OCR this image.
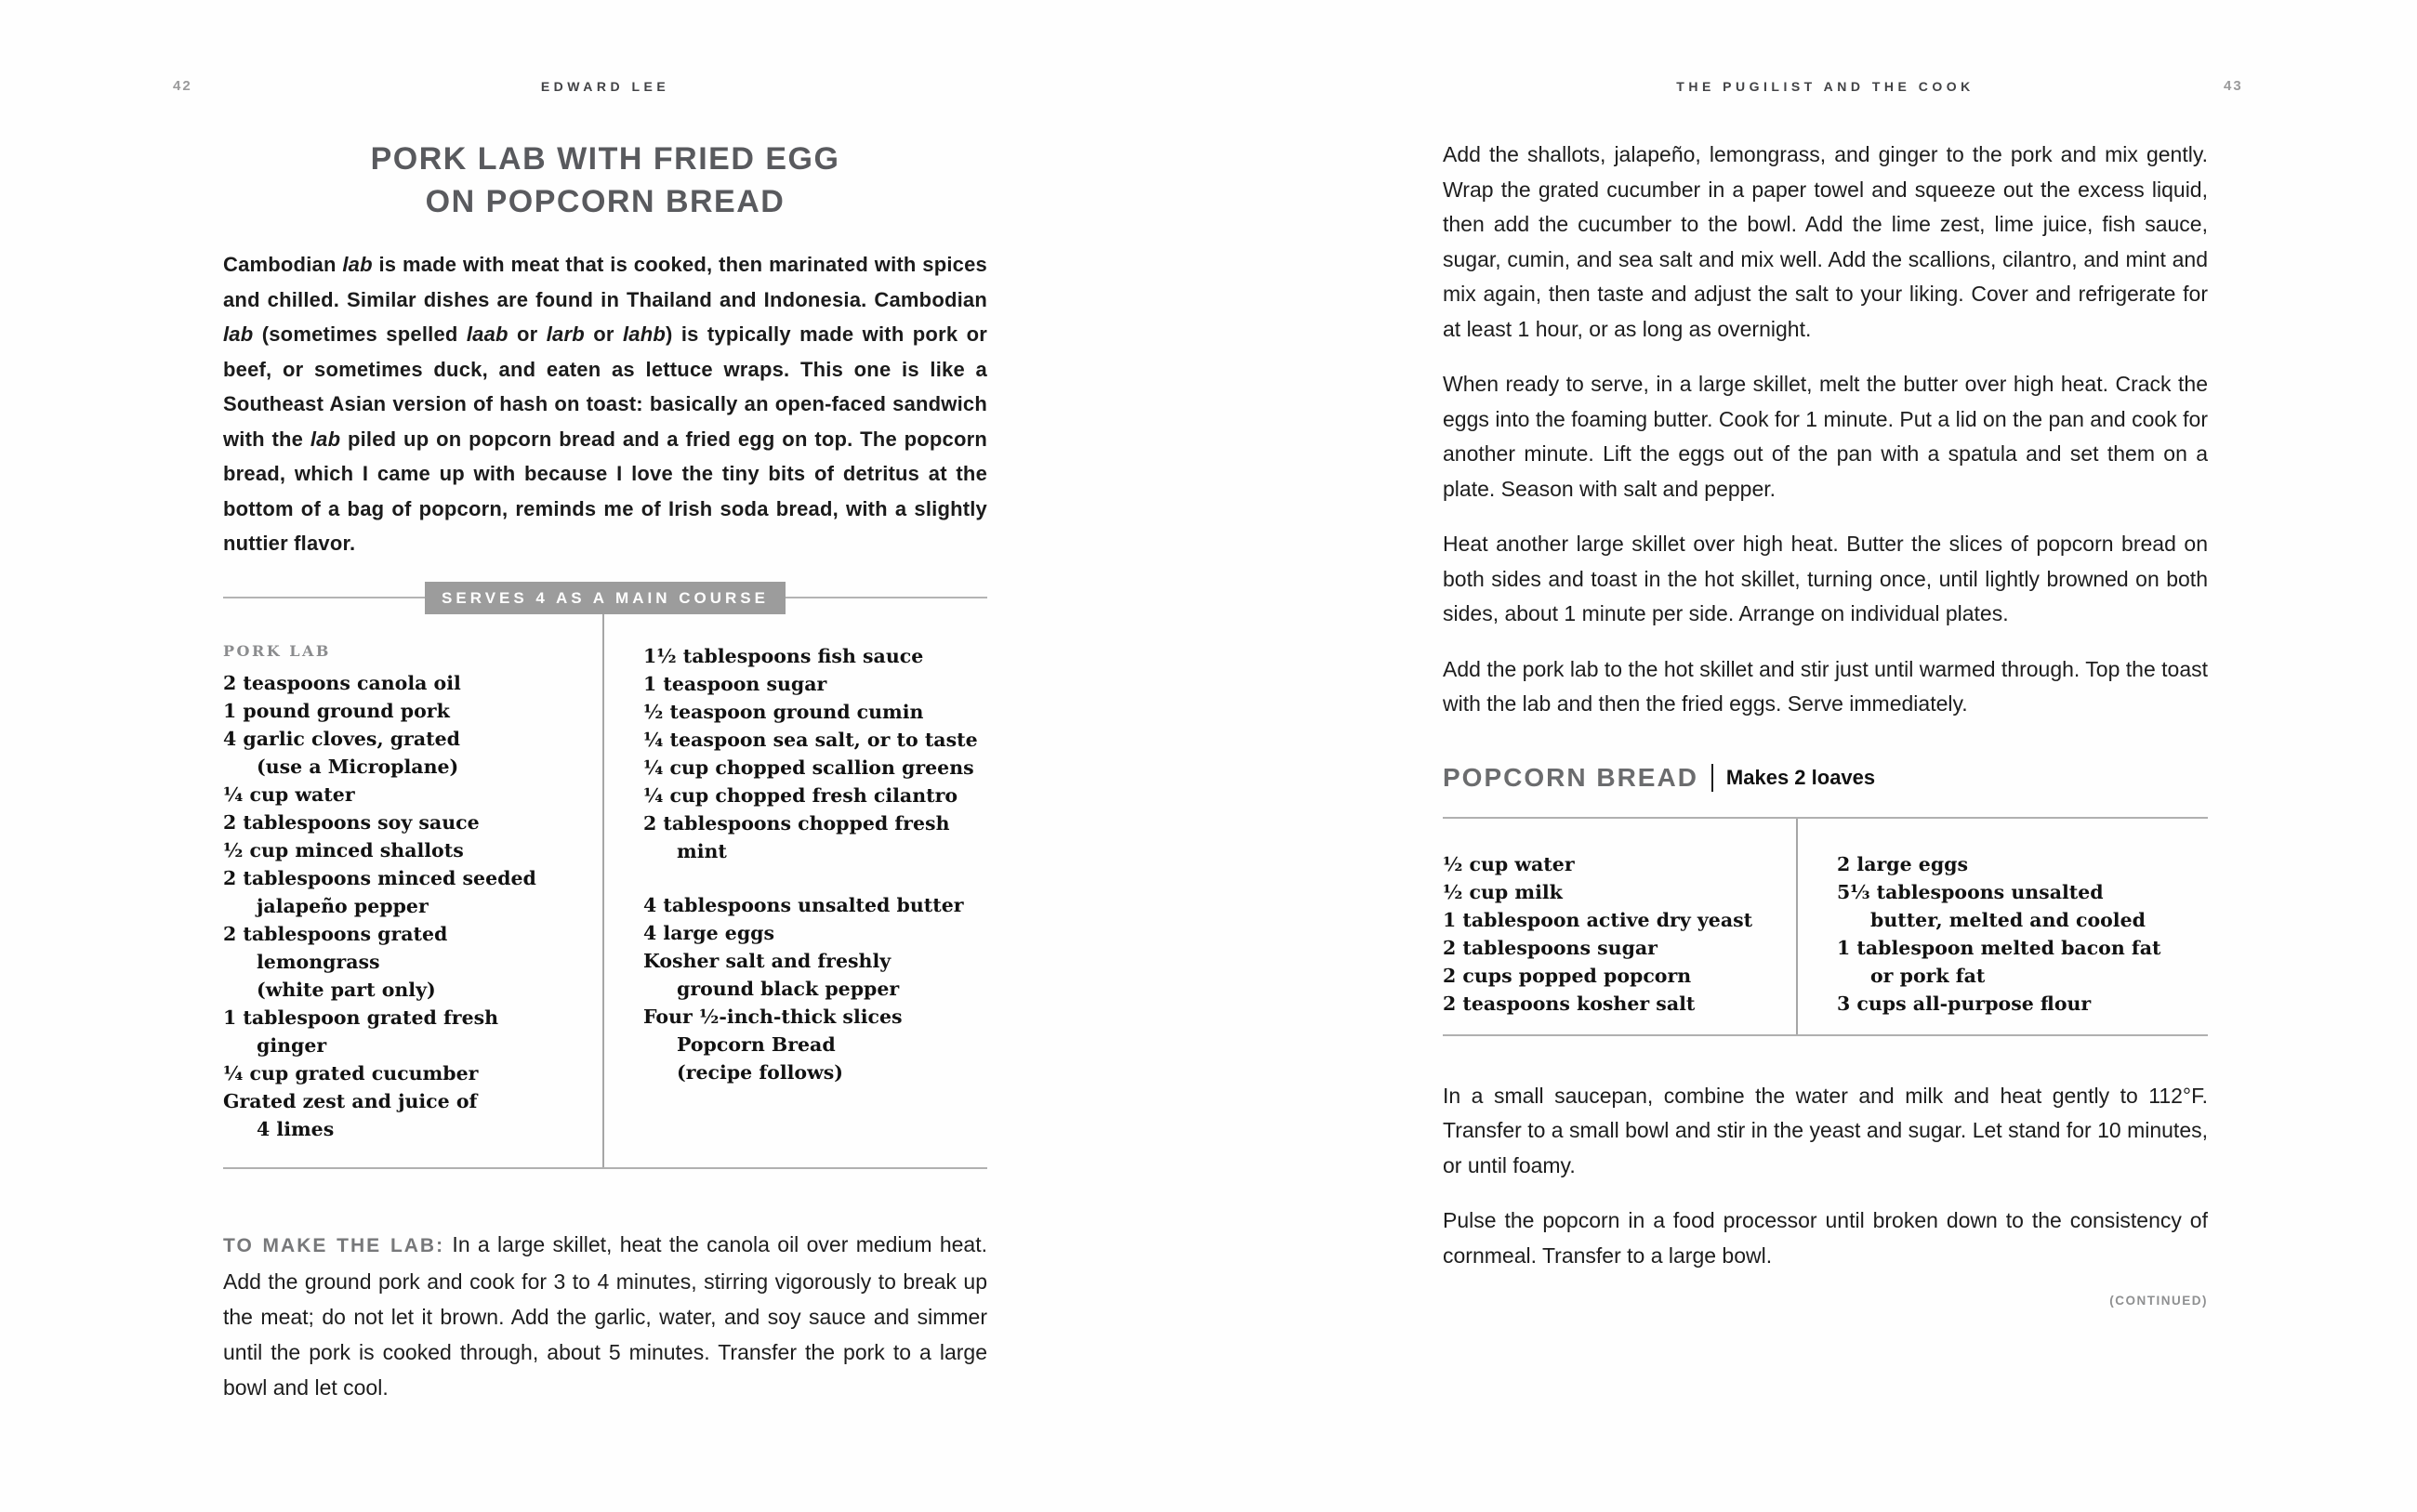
42	EDWARD LEE	THE PUGILIST AND THE COOK	43
PORK LAB WITH FRIED EGG
ON POPCORN BREAD

Cambodian lab is made with meat that is cooked, then marinated with spices and chilled. Similar dishes are found in Thailand and Indonesia. Cambodian lab (sometimes spelled laab or larb or lahb) is typically made with pork or beef, or sometimes duck, and eaten as lettuce wraps. This one is like a Southeast Asian version of hash on toast: basically an open-faced sandwich with the lab piled up on popcorn bread and a fried egg on top. The popcorn bread, which I came up with because I love the tiny bits of detritus at the bottom of a bag of popcorn, reminds me of Irish soda bread, with a slightly nuttier flavor.

SERVES 4 AS A MAIN COURSE
PORK LAB
2 teaspoons canola oil
1 pound ground pork
4 garlic cloves, grated
(use a Microplane)
¼ cup water
2 tablespoons soy sauce
½ cup minced shallots
2 tablespoons minced seeded
jalapeño pepper
2 tablespoons grated
lemongrass
(white part only)
1 tablespoon grated fresh
ginger
¼ cup grated cucumber
Grated zest and juice of
4 limes
1½ tablespoons fish sauce
1 teaspoon sugar
½ teaspoon ground cumin
¼ teaspoon sea salt, or to taste
¼ cup chopped scallion greens
¼ cup chopped fresh cilantro
2 tablespoons chopped fresh
mint
4 tablespoons unsalted butter
4 large eggs
Kosher salt and freshly
ground black pepper
Four ½-inch-thick slices
Popcorn Bread
(recipe follows)

TO MAKE THE LAB: In a large skillet, heat the canola oil over medium heat. Add the ground pork and cook for 3 to 4 minutes, stirring vigorously to break up the meat; do not let it brown. Add the garlic, water, and soy sauce and simmer until the pork is cooked through, about 5 minutes. Transfer the pork to a large bowl and let cool.

Add the shallots, jalapeño, lemongrass, and ginger to the pork and mix gently. Wrap the grated cucumber in a paper towel and squeeze out the excess liquid, then add the cucumber to the bowl. Add the lime zest, lime juice, fish sauce, sugar, cumin, and sea salt and mix well. Add the scallions, cilantro, and mint and mix again, then taste and adjust the salt to your liking. Cover and refrigerate for at least 1 hour, or as long as overnight.

When ready to serve, in a large skillet, melt the butter over high heat. Crack the eggs into the foaming butter. Cook for 1 minute. Put a lid on the pan and cook for another minute. Lift the eggs out of the pan with a spatula and set them on a plate. Season with salt and pepper.

Heat another large skillet over high heat. Butter the slices of popcorn bread on both sides and toast in the hot skillet, turning once, until lightly browned on both sides, about 1 minute per side. Arrange on individual plates.

Add the pork lab to the hot skillet and stir just until warmed through. Top the toast with the lab and then the fried eggs. Serve immediately.

POPCORN BREAD Makes 2 loaves
½ cup water
½ cup milk
1 tablespoon active dry yeast
2 tablespoons sugar
2 cups popped popcorn
2 teaspoons kosher salt
2 large eggs
5⅓ tablespoons unsalted
butter, melted and cooled
1 tablespoon melted bacon fat
or pork fat
3 cups all-purpose flour

In a small saucepan, combine the water and milk and heat gently to 112°F. Transfer to a small bowl and stir in the yeast and sugar. Let stand for 10 minutes, or until foamy.

Pulse the popcorn in a food processor until broken down to the consistency of cornmeal. Transfer to a large bowl.

(CONTINUED)
